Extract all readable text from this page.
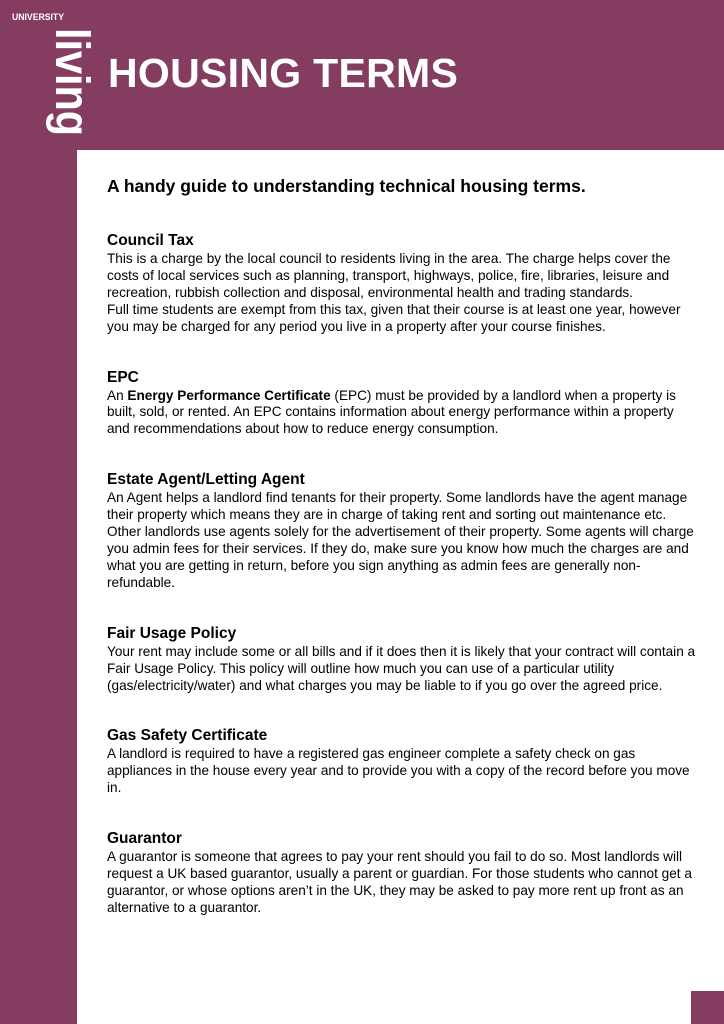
UNIVERSITY
living HOUSING TERMS

A handy guide to understanding technical housing terms.

Council Tax

This is a charge by the local council to residents living in the area. The charge helps cover the costs of local services such as planning, transport, highways, police, fire, libraries, leisure and recreation, rubbish collection and disposal, environmental health and trading standards.

Full time students are exempt from this tax, given that their course is at least one year, however you may be charged for any period you live in a property after your course finishes.

EPC

An Energy Performance Certificate (EPC) must be provided by a landlord when a property is built, sold, or rented. An EPC contains information about energy performance within a property and recommendations about how to reduce energy consumption.

Estate Agent/Letting Agent

An Agent helps a landlord find tenants for their property. Some landlords have the agent manage their property which means they are in charge of taking rent and sorting out maintenance etc. Other landlords use agents solely for the advertisement of their property. Some agents will charge you admin fees for their services. If they do, make sure you know how much the charges are and what you are getting in return, before you sign anything as admin fees are generally non-refundable.

Fair Usage Policy

Your rent may include some or all bills and if it does then it is likely that your contract will contain a Fair Usage Policy. This policy will outline how much you can use of a particular utility (gas/electricity/water) and what charges you may be liable to if you go over the agreed price.

Gas Safety Certificate

A landlord is required to have a registered gas engineer complete a safety check on gas appliances in the house every year and to provide you with a copy of the record before you move in.

Guarantor

A guarantor is someone that agrees to pay your rent should you fail to do so. Most landlords will request a UK based guarantor, usually a parent or guardian. For those students who cannot get a guarantor, or whose options aren’t in the UK, they may be asked to pay more rent up front as an alternative to a guarantor.
